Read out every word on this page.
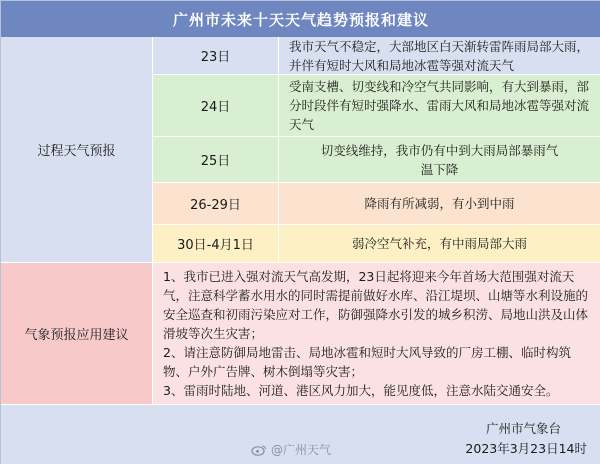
广州市未来十天天气趋势预报和建议
过程天气预报
23日
我市天气不稳定，大部地区白天渐转雷阵雨局部大雨，并伴有短时大风和局地冰雹等强对流天气
24日
受南支槽、切变线和冷空气共同影响，有大到暴雨，部分时段伴有短时强降水、雷雨大风和局地冰雹等强对流天气
25日
切变线维持，我市仍有中到大雨局部暴雨气温下降
26-29日	降雨有所减弱，有小到中雨
30日-4月1日	弱冷空气补充，有中雨局部大雨
气象预报应用建议
1、我市已进入强对流天气高发期，23日起将迎来今年首场大范围强对流天气，注意科学蓄水用水的同时需提前做好水库、沿江堤坝、山塘等水利设施的安全巡查和初雨污染应对工作，防御强降水引发的城乡积涝、局地山洪及山体滑坡等次生灾害；
2、请注意防御局地雷击、局地冰雹和短时大风导致的厂房工棚、临时构筑物、户外广告牌、树木倒塌等灾害；
3、雷雨时陆地、河道、港区风力加大，能见度低，注意水陆交通安全。
广州市气象台
2023年3月23日14时
@广州天气
